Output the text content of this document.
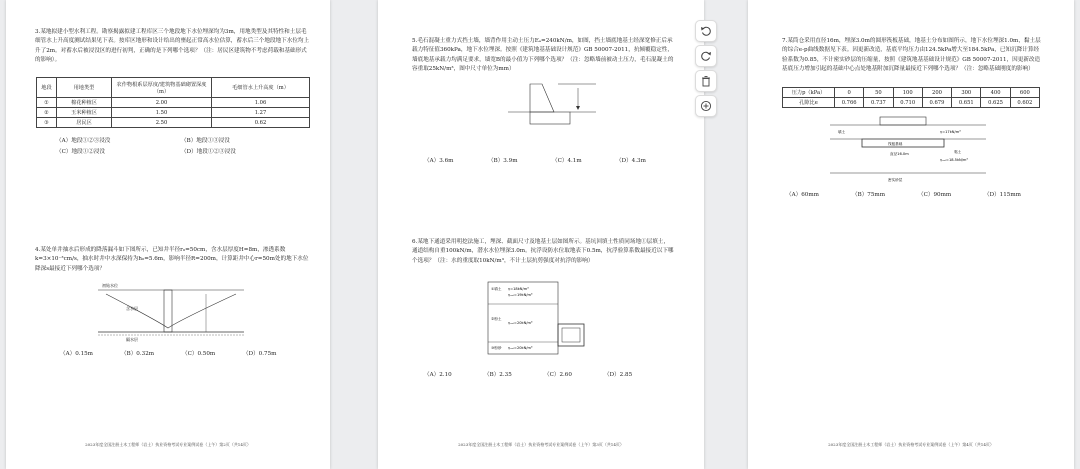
3.某地拟建小型水利工程。勘察揭露拟建工程库区三个地段地下水位埋深均为3m，用地类型及其特性和土层毛细管水上升高度测试结果见下表。按库区地形和设计给出的壅起正常高水位估算，蓄水后三个地段地下水位均上升了2m。对蓄水后被浸没区的进行初判，正确的是下列哪个选项？（注：居民区建筑物不考虑荷载和基础形式的影响）。
地段	用地类型	农作物根系层厚度/建筑物基础砌置深度（m）	毛细管水上升高度（m）
①	棉花种植区	2.00	1.06
②	玉米种植区	1.50	1.27
③	居民区	2.50	0.62
（A）地段①②③浸没	（B）地段①③浸没
（C）地段①②浸没	（D）地段①②③浸没
4.某处单井抽水后形成的降落漏斗如下图所示，已知井半径r₀=50cm，含水层厚度H=8m，渗透系数k=3×10⁻³cm/s，抽水时井中水深保持为h₀=5.6m，影响半径R=200m，计算距井中心r=50m处的地下水位降深s最接近下列哪个选项？
初始水位
含水层
隔水层
（A）0.15m	（B）0.32m	（C）0.50m	（D）0.75m
2023年度全国注册土木工程师（岩土）执业资格考试专业案例试卷（上午）第2页（共14页）
5.毛石混凝土重力式挡土墙，墙背作用主动土压力Eₐ=240kN/m，如图，挡土墙底地基土经深宽修正后承载力特征值360kPa，地下水位埋深。按照《建筑地基基础设计规范》GB 50007-2011，抗倾覆稳定性，墙底地基承载力均满足要求，墙宽B的最小值为下列哪个选项？（注：忽略墙前被动土压力，毛石混凝土的容重取25kN/m³，图中尺寸单位为mm）
（A）3.6m	（B）3.9m	（C）4.1m	（D）4.3m
6.某地下通道采用明挖法施工，埋深、截面尺寸及地基土层如图所示。基坑回填土性质同场地①层填土，通道结构自重100kN/m，潜水水位埋深3.0m。抗浮设防水位取地表下0.5m，抗浮验算系数最接近以下哪个选项？（注：水的重度取10kN/m³，不计土层抗剪强度对抗浮的影响）
①填土 γ=18kN/m³
γₛₐₜ=19kN/m³
②粉土
γₛₐₜ=20kN/m³
③粉砂 γₛₐₜ=20kN/m³
（A）2.10	（B）2.35	（C）2.60	（D）2.85
2023年度全国注册土木工程师（岩土）执业资格考试专业案例试卷（上午）第3页（共14页）
7.某筒仓采用直径16m，埋深3.0m的圆形筏板基础，地基土分布如图所示，地下水位埋深1.0m，黏土层的综合e-p曲线数据见下表。因更新改造，基底平均压力由124.5kPa增大至184.5kPa，已知沉降计算经验系数为0.85，不计密实砂层的压缩量，按照《建筑地基基础设计规范》GB 50007-2011，因更新改造基底压力增加引起的基础中心点处地基附加沉降量最接近下列哪个选项？（注：忽略基础刚度的影响）
压力p（kPa）	0	50	100	200	300	400	600
孔隙比e	0.766	0.737	0.710	0.679	0.651	0.625	0.602
填土	γ=17kN/m³
黏土
γₛₐₜ=18.5kN/m³
密实砂层
筏板基础
直径16.0m
（A）60mm	（B）75mm	（C）90mm	（D）115mm
2023年度全国注册土木工程师（岩土）执业资格考试专业案例试卷（上午）第4页（共14页）
